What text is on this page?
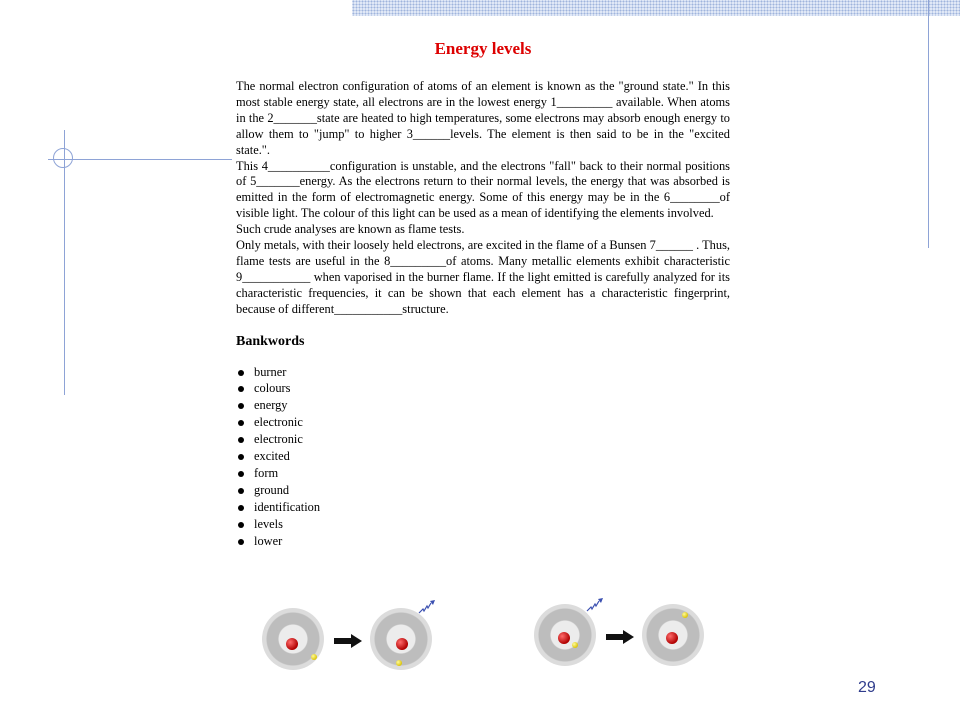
Energy levels

The normal electron configuration of atoms of an element is known as the "ground state." In this most stable energy state, all electrons are in the lowest energy 1_________ available. When atoms in the 2_______state are heated to high temperatures, some electrons may absorb enough energy to allow them to "jump" to higher 3______levels. The element is then said to be in the "excited state.".

This 4__________configuration is unstable, and the electrons "fall" back to their normal positions of 5_______energy. As the electrons return to their normal levels, the energy that was absorbed is emitted in the form of electromagnetic energy. Some of this energy may be in the 6________of visible light. The colour of this light can be used as a mean of identifying the elements involved.

Such crude analyses are known as flame tests.

Only metals, with their loosely held electrons, are excited in the flame of a Bunsen 7______ . Thus, flame tests are useful in the 8_________of atoms. Many metallic elements exhibit characteristic 9___________ when vaporised in the burner flame. If the light emitted is carefully analyzed for its characteristic frequencies, it can be shown that each element has a characteristic fingerprint, because of different___________structure.

Bankwords
burner
colours
energy
electronic
electronic
excited
form
ground
identification
levels
lower
29
